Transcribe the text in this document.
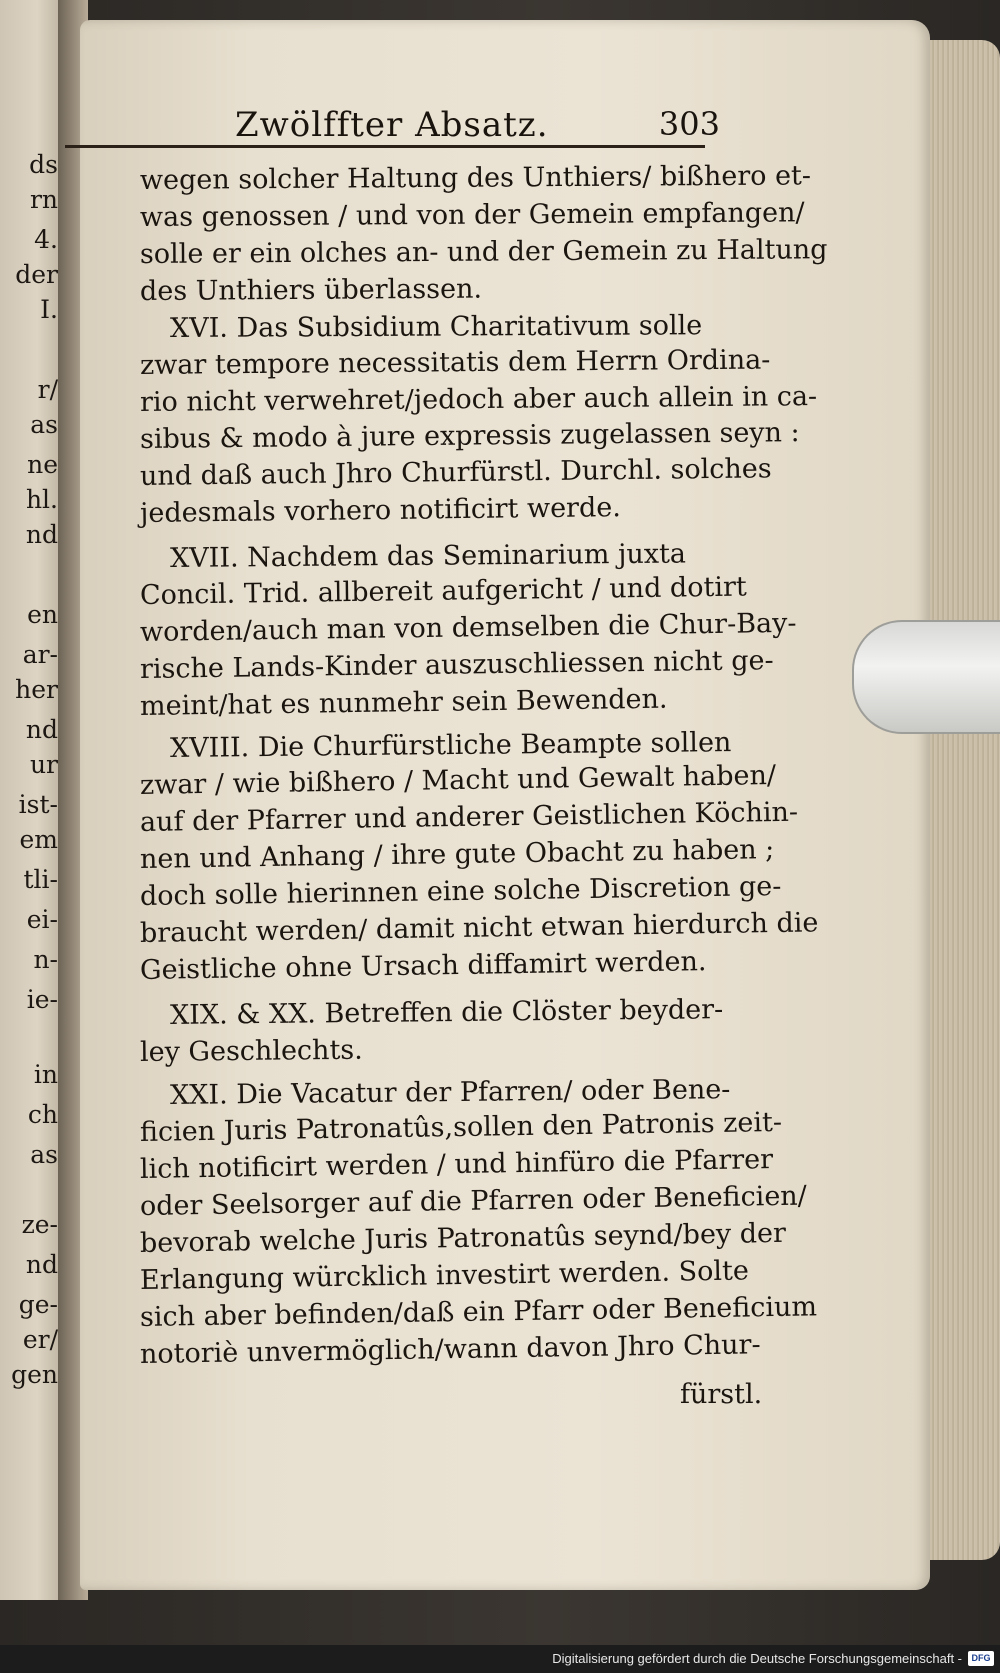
ds
rn
4.
der
I.
r/
as
ne
hl.
nd
en
ar-
her
nd
ur
ist-
em
tli-
ei-
n-
ie-
in
ch
as
ze-
nd
ge-
er/
gen
Zwölffter Absatz.	303
wegen solcher Haltung des Unthiers/ bißhero et-
was genossen / und von der Gemein empfangen/
solle er ein olches an- und der Gemein zu Haltung
des Unthiers überlassen.
XVI. Das Subsidium Charitativum solle
zwar tempore necessitatis dem Herrn Ordina-
rio nicht verwehret/jedoch aber auch allein in ca-
sibus & modo à jure expressis zugelassen seyn :
und daß auch Jhro Churfürstl. Durchl. solches
jedesmals vorhero notificirt werde.
XVII. Nachdem das Seminarium juxta
Concil. Trid. allbereit aufgericht / und dotirt
worden/auch man von demselben die Chur-Bay-
rische Lands-Kinder auszuschliessen nicht ge-
meint/hat es nunmehr sein Bewenden.
XVIII. Die Churfürstliche Beampte sollen
zwar / wie bißhero / Macht und Gewalt haben/
auf der Pfarrer und anderer Geistlichen Köchin-
nen und Anhang / ihre gute Obacht zu haben ;
doch solle hierinnen eine solche Discretion ge-
braucht werden/ damit nicht etwan hierdurch die
Geistliche ohne Ursach diffamirt werden.
XIX. & XX. Betreffen die Clöster beyder-
ley Geschlechts.
XXI. Die Vacatur der Pfarren/ oder Bene-
ficien Juris Patronatûs,sollen den Patronis zeit-
lich notificirt werden / und hinfüro die Pfarrer
oder Seelsorger auf die Pfarren oder Beneficien/
bevorab welche Juris Patronatûs seynd/bey der
Erlangung würcklich investirt werden. Solte
sich aber befinden/daß ein Pfarr oder Beneficium
notoriè unvermöglich/wann davon Jhro Chur-
fürstl.
Digitalisierung gefördert durch die Deutsche Forschungsgemeinschaft -	DFG
